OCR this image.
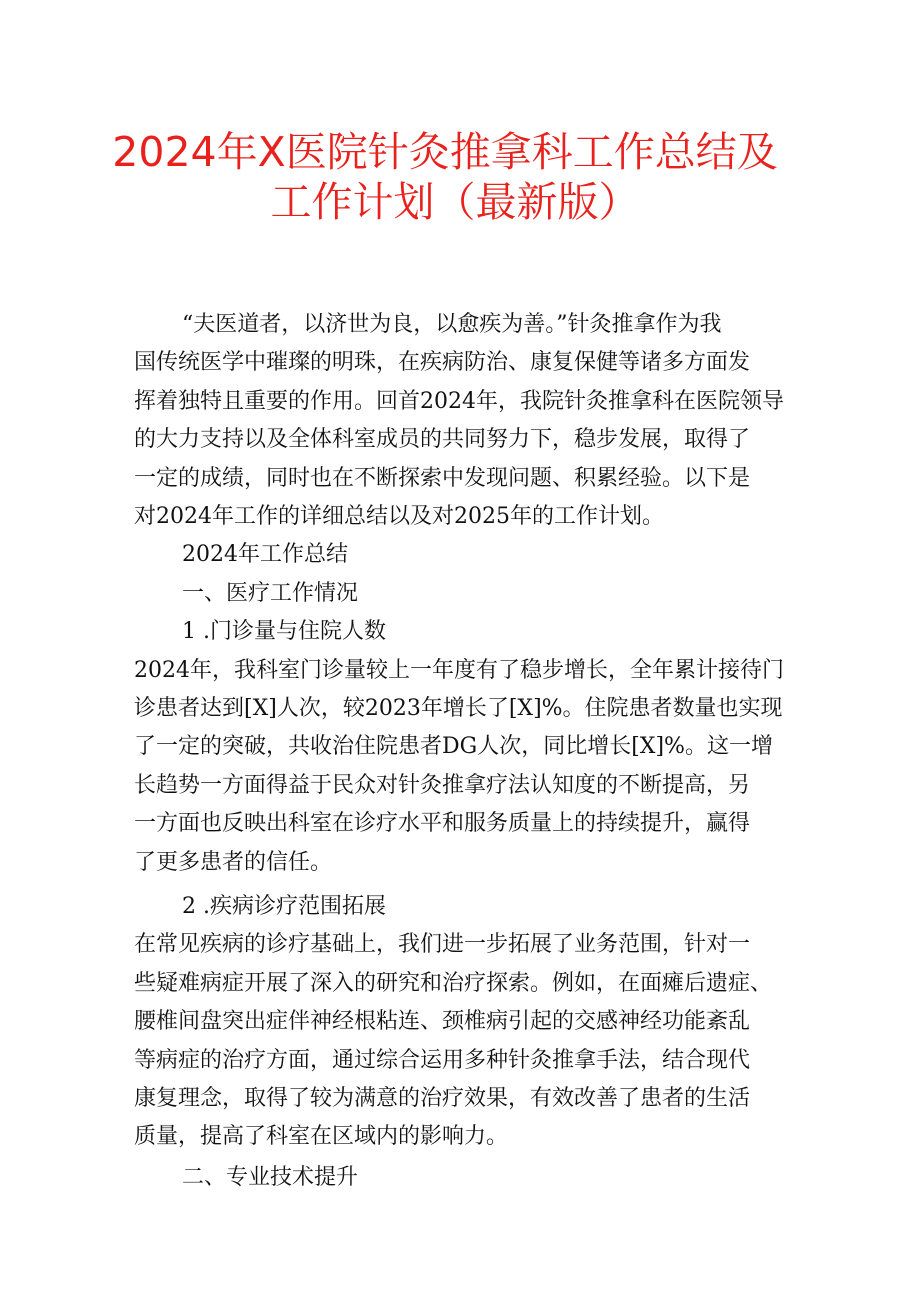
2024年X医院针灸推拿科工作总结及
工作计划（最新版）
“夫医道者，以济世为良，以愈疾为善。”针灸推拿作为我
国传统医学中璀璨的明珠，在疾病防治、康复保健等诸多方面发
挥着独特且重要的作用。回首2024年，我院针灸推拿科在医院领导
的大力支持以及全体科室成员的共同努力下，稳步发展，取得了
一定的成绩，同时也在不断探索中发现问题、积累经验。以下是
对2024年工作的详细总结以及对2025年的工作计划。
2024年工作总结
一、医疗工作情况
1 .门诊量与住院人数
2024年，我科室门诊量较上一年度有了稳步增长，全年累计接待门
诊患者达到[X]人次，较2023年增长了[X]%。住院患者数量也实现
了一定的突破，共收治住院患者DG人次，同比增长[X]%。这一增
长趋势一方面得益于民众对针灸推拿疗法认知度的不断提高，另
一方面也反映出科室在诊疗水平和服务质量上的持续提升，赢得
了更多患者的信任。
2 .疾病诊疗范围拓展
在常见疾病的诊疗基础上，我们进一步拓展了业务范围，针对一
些疑难病症开展了深入的研究和治疗探索。例如，在面瘫后遗症、
腰椎间盘突出症伴神经根粘连、颈椎病引起的交感神经功能紊乱
等病症的治疗方面，通过综合运用多种针灸推拿手法，结合现代
康复理念，取得了较为满意的治疗效果，有效改善了患者的生活
质量，提高了科室在区域内的影响力。
二、专业技术提升
